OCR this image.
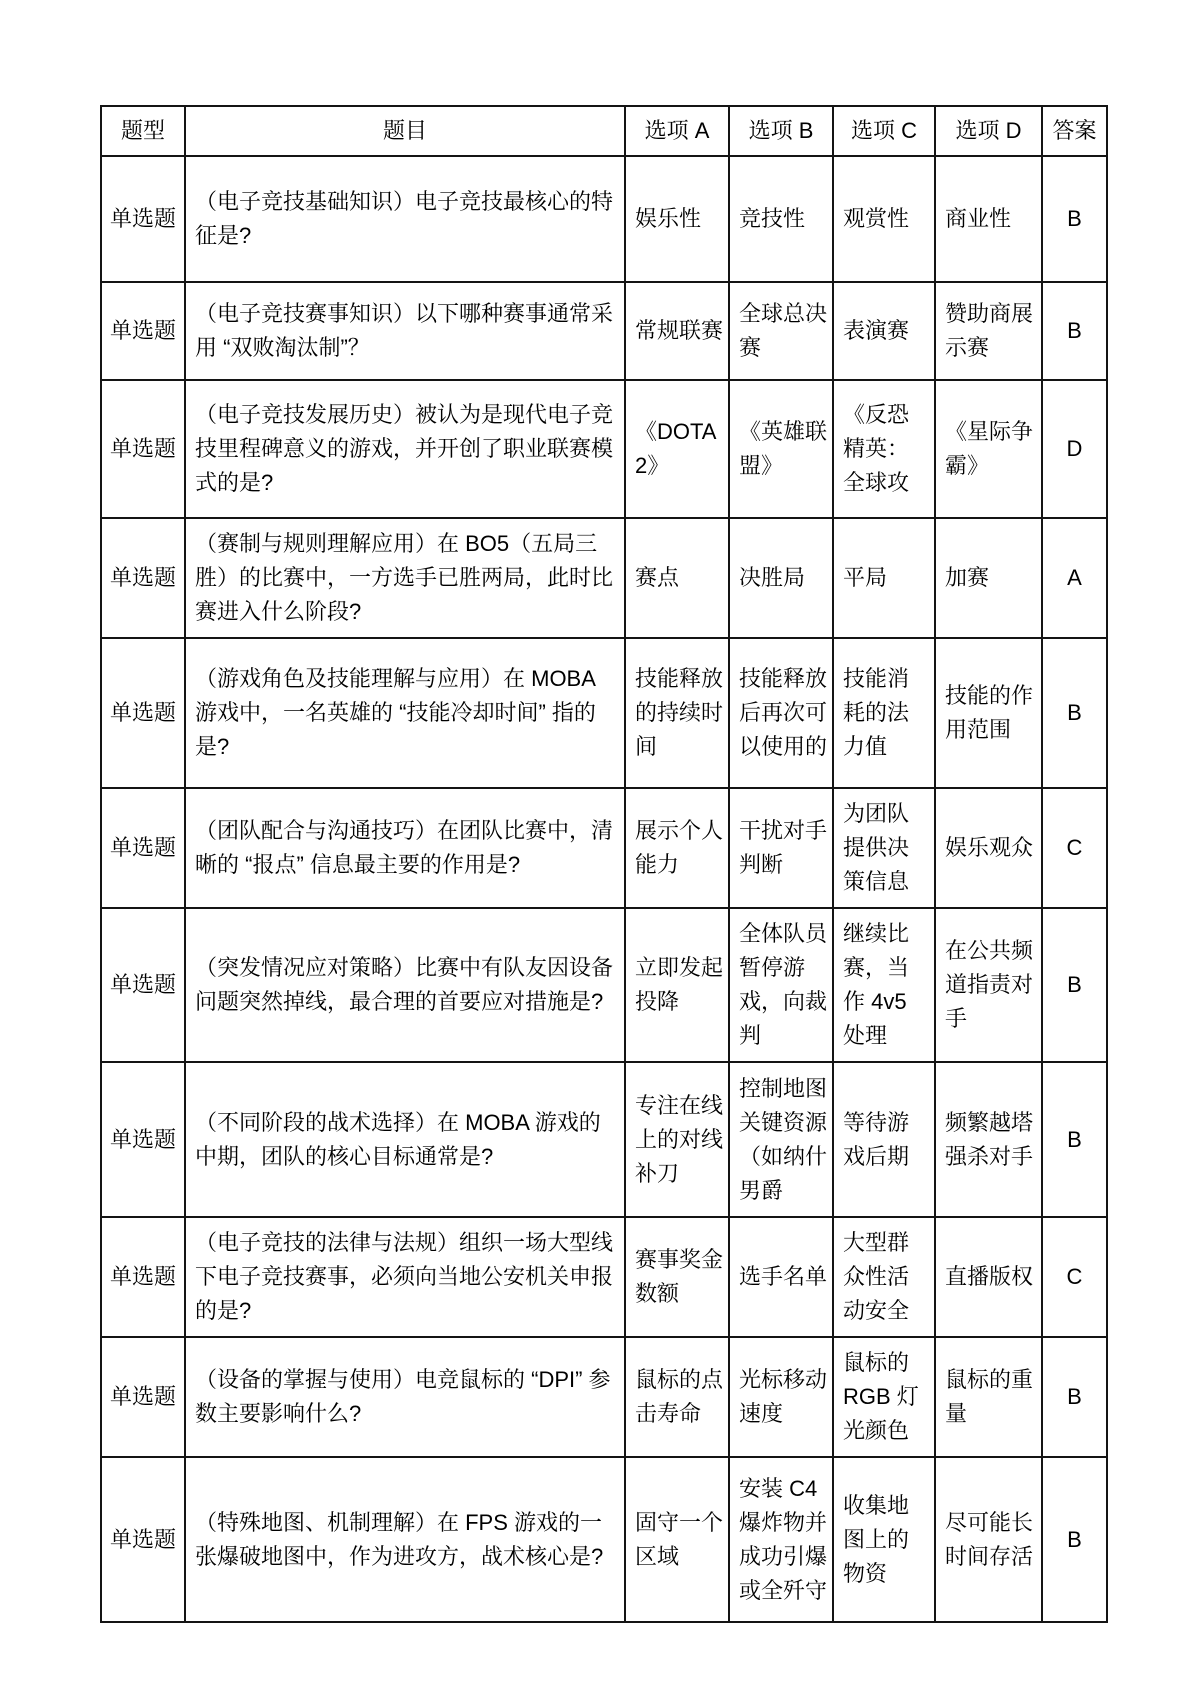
题型	题目	选项 A	选项 B	选项 C	选项 D	答案
单选题	（电子竞技基础知识）电子竞技最核心的特征是?	娱乐性	竞技性	观赏性	商业性	B
单选题	（电子竞技赛事知识）以下哪种赛事通常采用 “双败淘汰制”？	常规联赛	全球总决赛	表演赛	赞助商展示赛	B
单选题	（电子竞技发展历史）被认为是现代电子竞技里程碑意义的游戏，并开创了职业联赛模式的是?	《DOTA2》	《英雄联盟》	《反恐精英：全球攻	《星际争霸》	D
单选题	（赛制与规则理解应用）在 BO5（五局三胜）的比赛中，一方选手已胜两局，此时比赛进入什么阶段?	赛点	决胜局	平局	加赛	A
单选题	（游戏角色及技能理解与应用）在 MOBA 游戏中，一名英雄的 “技能冷却时间” 指的是?	技能释放的持续时间	技能释放后再次可以使用的	技能消耗的法力值	技能的作用范围	B
单选题	（团队配合与沟通技巧）在团队比赛中，清晰的 “报点” 信息最主要的作用是?	展示个人能力	干扰对手判断	为团队提供决策信息	娱乐观众	C
单选题	（突发情况应对策略）比赛中有队友因设备问题突然掉线，最合理的首要应对措施是?	立即发起投降	全体队员暂停游戏，向裁判	继续比赛，当作 4v5 处理	在公共频道指责对手	B
单选题	（不同阶段的战术选择）在 MOBA 游戏的中期，团队的核心目标通常是?	专注在线上的对线补刀	控制地图关键资源（如纳什男爵	等待游戏后期	频繁越塔强杀对手	B
单选题	（电子竞技的法律与法规）组织一场大型线下电子竞技赛事，必须向当地公安机关申报的是?	赛事奖金数额	选手名单	大型群众性活动安全	直播版权	C
单选题	（设备的掌握与使用）电竞鼠标的 “DPI” 参数主要影响什么?	鼠标的点击寿命	光标移动速度	鼠标的 RGB 灯光颜色	鼠标的重量	B
单选题	（特殊地图、机制理解）在 FPS 游戏的一张爆破地图中，作为进攻方，战术核心是?	固守一个区域	安装 C4 爆炸物并成功引爆或全歼守	收集地图上的物资	尽可能长时间存活	B
